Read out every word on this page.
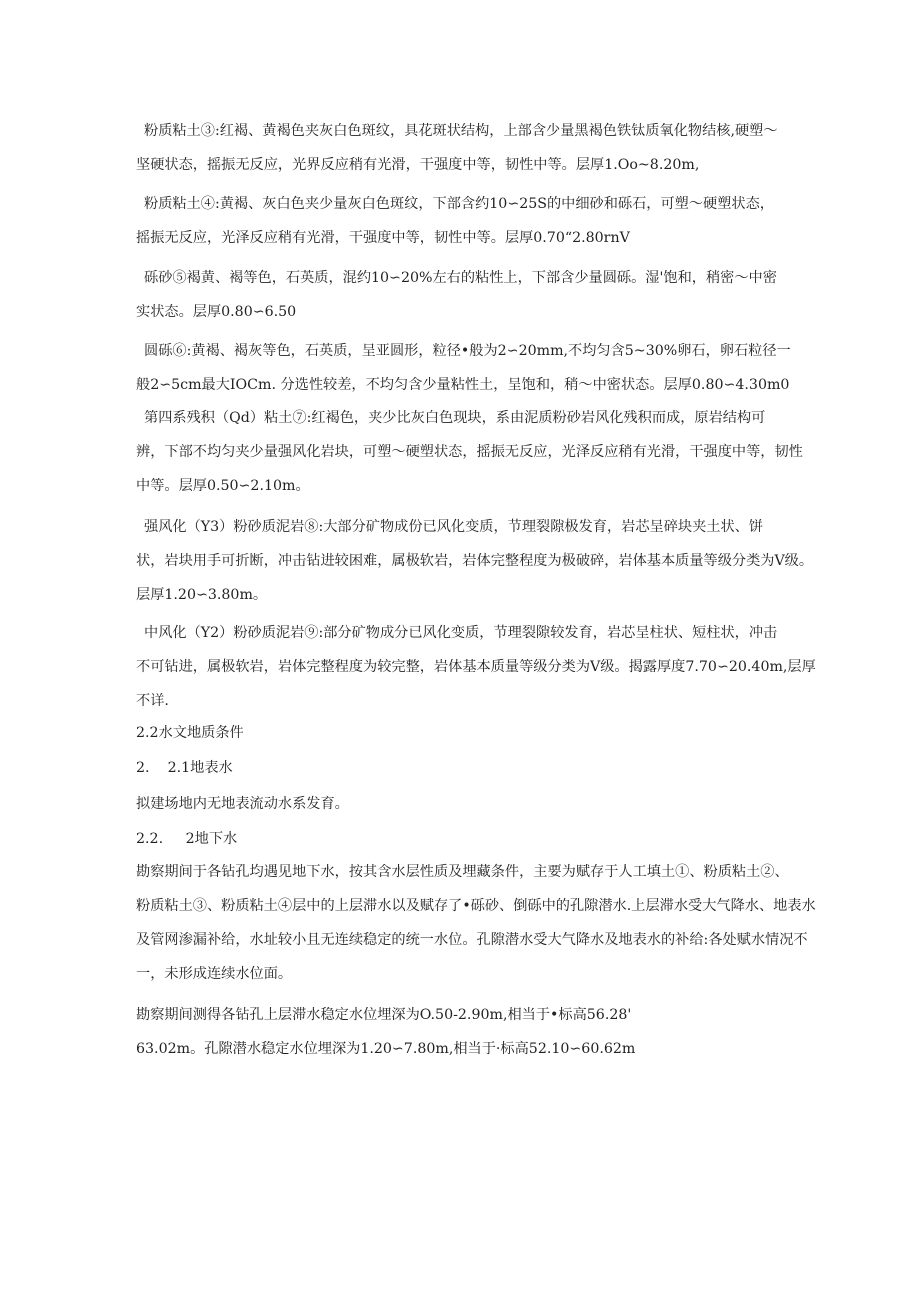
粉质粘土③:红褐、黄褐色夹灰白色斑纹，具花斑状结构，上部含少量黑褐色铁钛质氧化物结核,硬塑～
坚硬状态，摇振无反应，光界反应稍有光滑，干强度中等，韧性中等。层厚1.Oo~8.20m,
粉质粘土④:黄褐、灰白色夹少量灰白色斑纹，下部含约10∽25S的中细砂和砾石，可塑～硬塑状态，
摇振无反应，光泽反应稍有光滑，干强度中等，韧性中等。层厚0.70“2.80rnV
砾砂⑤褐黄、褐等色，石英质，混约10∽20%左右的粘性上，下部含少量圆砾。湿'饱和，稍密～中密
实状态。层厚0.80∽6.50
圆砾⑥:黄褐、褐灰等色，石英质，呈亚圆形，粒径•般为2∽20mm,不均匀含5~30%卵石，卵石粒径一
般2∽5cm最大IOCm. 分选性较差，不均匀含少量粘性土，呈饱和，稍～中密状态。层厚0.80∽4.30m0
第四系残积（Qd）粘土⑦:红褐色，夹少比灰白色现块，系由泥质粉砂岩风化残积而成，原岩结构可
辨，下部不均匀夹少量强风化岩块，可塑～硬塑状态，摇振无反应，光泽反应稍有光滑，干强度中等，韧性
中等。层厚0.50∽2.10m。
强风化（Y3）粉砂质泥岩⑧:大部分矿物成份已风化变质，节理裂隙极发育，岩芯呈碎块夹土状、饼
状，岩块用手可折断，冲击钻进较困难，属极软岩，岩体完整程度为极破碎，岩体基本质量等级分类为V级。
层厚1.20∽3.80m。
中风化（Y2）粉砂质泥岩⑨:部分矿物成分已风化变质，节理裂隙较发育，岩芯呈柱状、短柱状，冲击
不可钻进，属极软岩，岩体完整程度为较完整，岩体基本质量等级分类为V级。揭露厚度7.70∽20.40m,层厚
不详.
2.2水文地质条件
2.    2.1地表水
拟建场地内无地表流动水系发育。
2.2.     2地下水
勘察期间于各钻孔均遇见地下水，按其含水层性质及埋藏条件，主要为赋存于人工填土①、粉质粘土②、
粉质粘土③、粉质粘土④层中的上层滞水以及赋存了•砾砂、倒砾中的孔隙潜水.上层滞水受大气降水、地表水
及管网渗漏补给，水址较小且无连续稳定的统一水位。孔隙潜水受大气降水及地表水的补给:各处赋水情况不
一，未形成连续水位面。
勘察期间测得各钻孔上层滞水稳定水位埋深为O.50-2.90m,相当于•标高56.28'
63.02m。孔隙潜水稳定水位埋深为1.20∽7.80m,相当于·标高52.10∽60.62m
